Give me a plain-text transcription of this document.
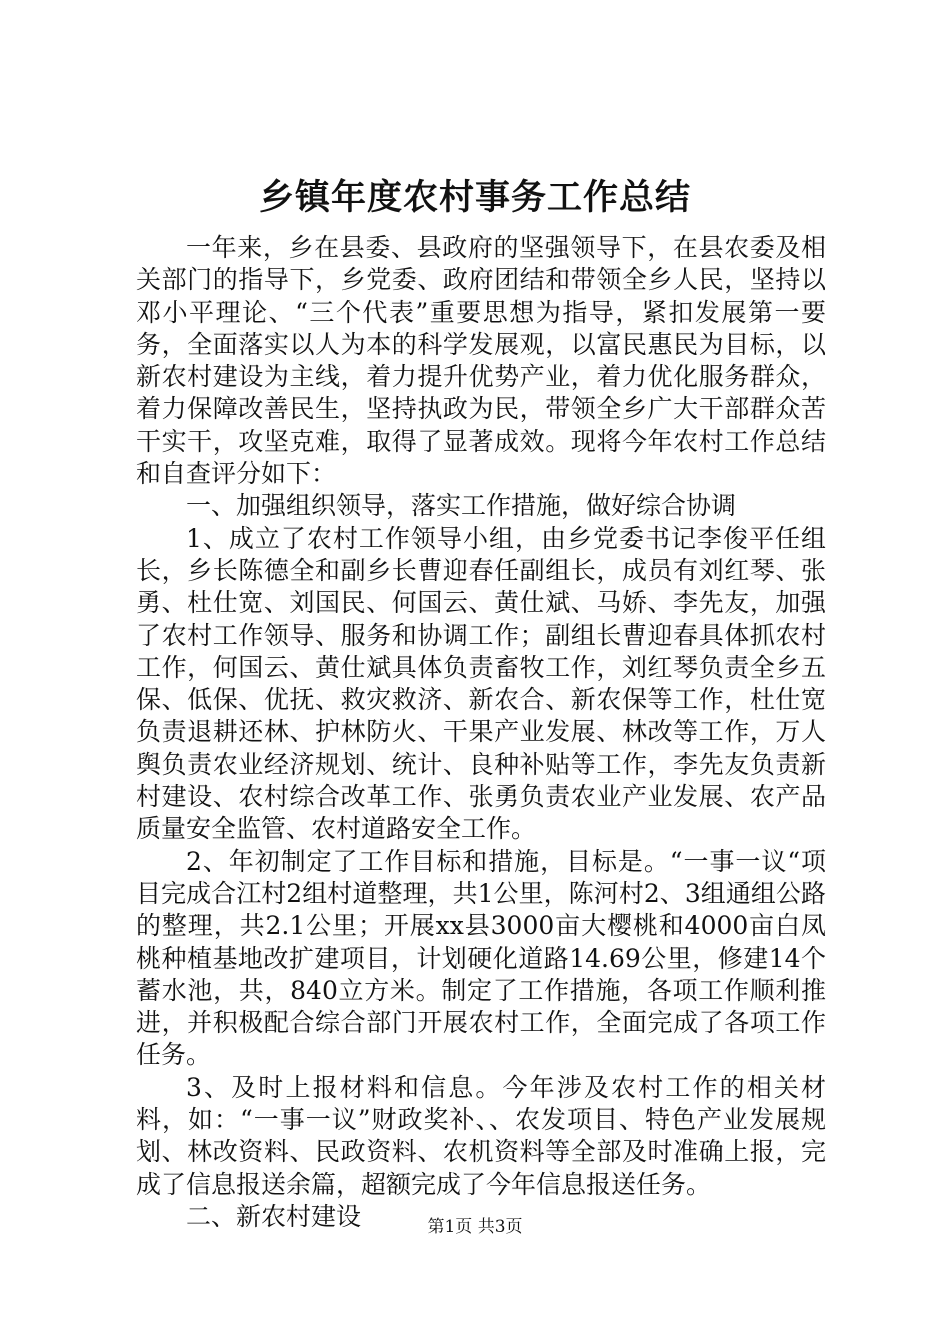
乡镇年度农村事务工作总结

一年来，乡在县委、县政府的坚强领导下，在县农委及相关部门的指导下，乡党委、政府团结和带领全乡人民，坚持以邓小平理论、“三个代表”重要思想为指导，紧扣发展第一要务，全面落实以人为本的科学发展观，以富民惠民为目标，以新农村建设为主线，着力提升优势产业，着力优化服务群众，着力保障改善民生，坚持执政为民，带领全乡广大干部群众苦干实干，攻坚克难，取得了显著成效。现将今年农村工作总结和自查评分如下：

一、加强组织领导，落实工作措施，做好综合协调

1、成立了农村工作领导小组，由乡党委书记李俊平任组长，乡长陈德全和副乡长曹迎春任副组长，成员有刘红琴、张勇、杜仕宽、刘国民、何国云、黄仕斌、马娇、李先友，加强了农村工作领导、服务和协调工作；副组长曹迎春具体抓农村工作，何国云、黄仕斌具体负责畜牧工作，刘红琴负责全乡五保、低保、优抚、救灾救济、新农合、新农保等工作，杜仕宽负责退耕还林、护林防火、干果产业发展、林改等工作，万人舆负责农业经济规划、统计、良种补贴等工作，李先友负责新村建设、农村综合改革工作、张勇负责农业产业发展、农产品质量安全监管、农村道路安全工作。

2、年初制定了工作目标和措施，目标是。“一事一议“项目完成合江村2组村道整理，共1公里，陈河村2、3组通组公路的整理，共2.1公里；开展xx县3000亩大樱桃和4000亩白凤桃种植基地改扩建项目，计划硬化道路14.69公里，修建14个蓄水池，共，840立方米。制定了工作措施，各项工作顺利推进，并积极配合综合部门开展农村工作，全面完成了各项工作任务。

3、及时上报材料和信息。今年涉及农村工作的相关材料，如：“一事一议”财政奖补、、农发项目、特色产业发展规划、林改资料、民政资料、农机资料等全部及时准确上报，完成了信息报送余篇，超额完成了今年信息报送任务。

二、新农村建设	第1页 共3页
